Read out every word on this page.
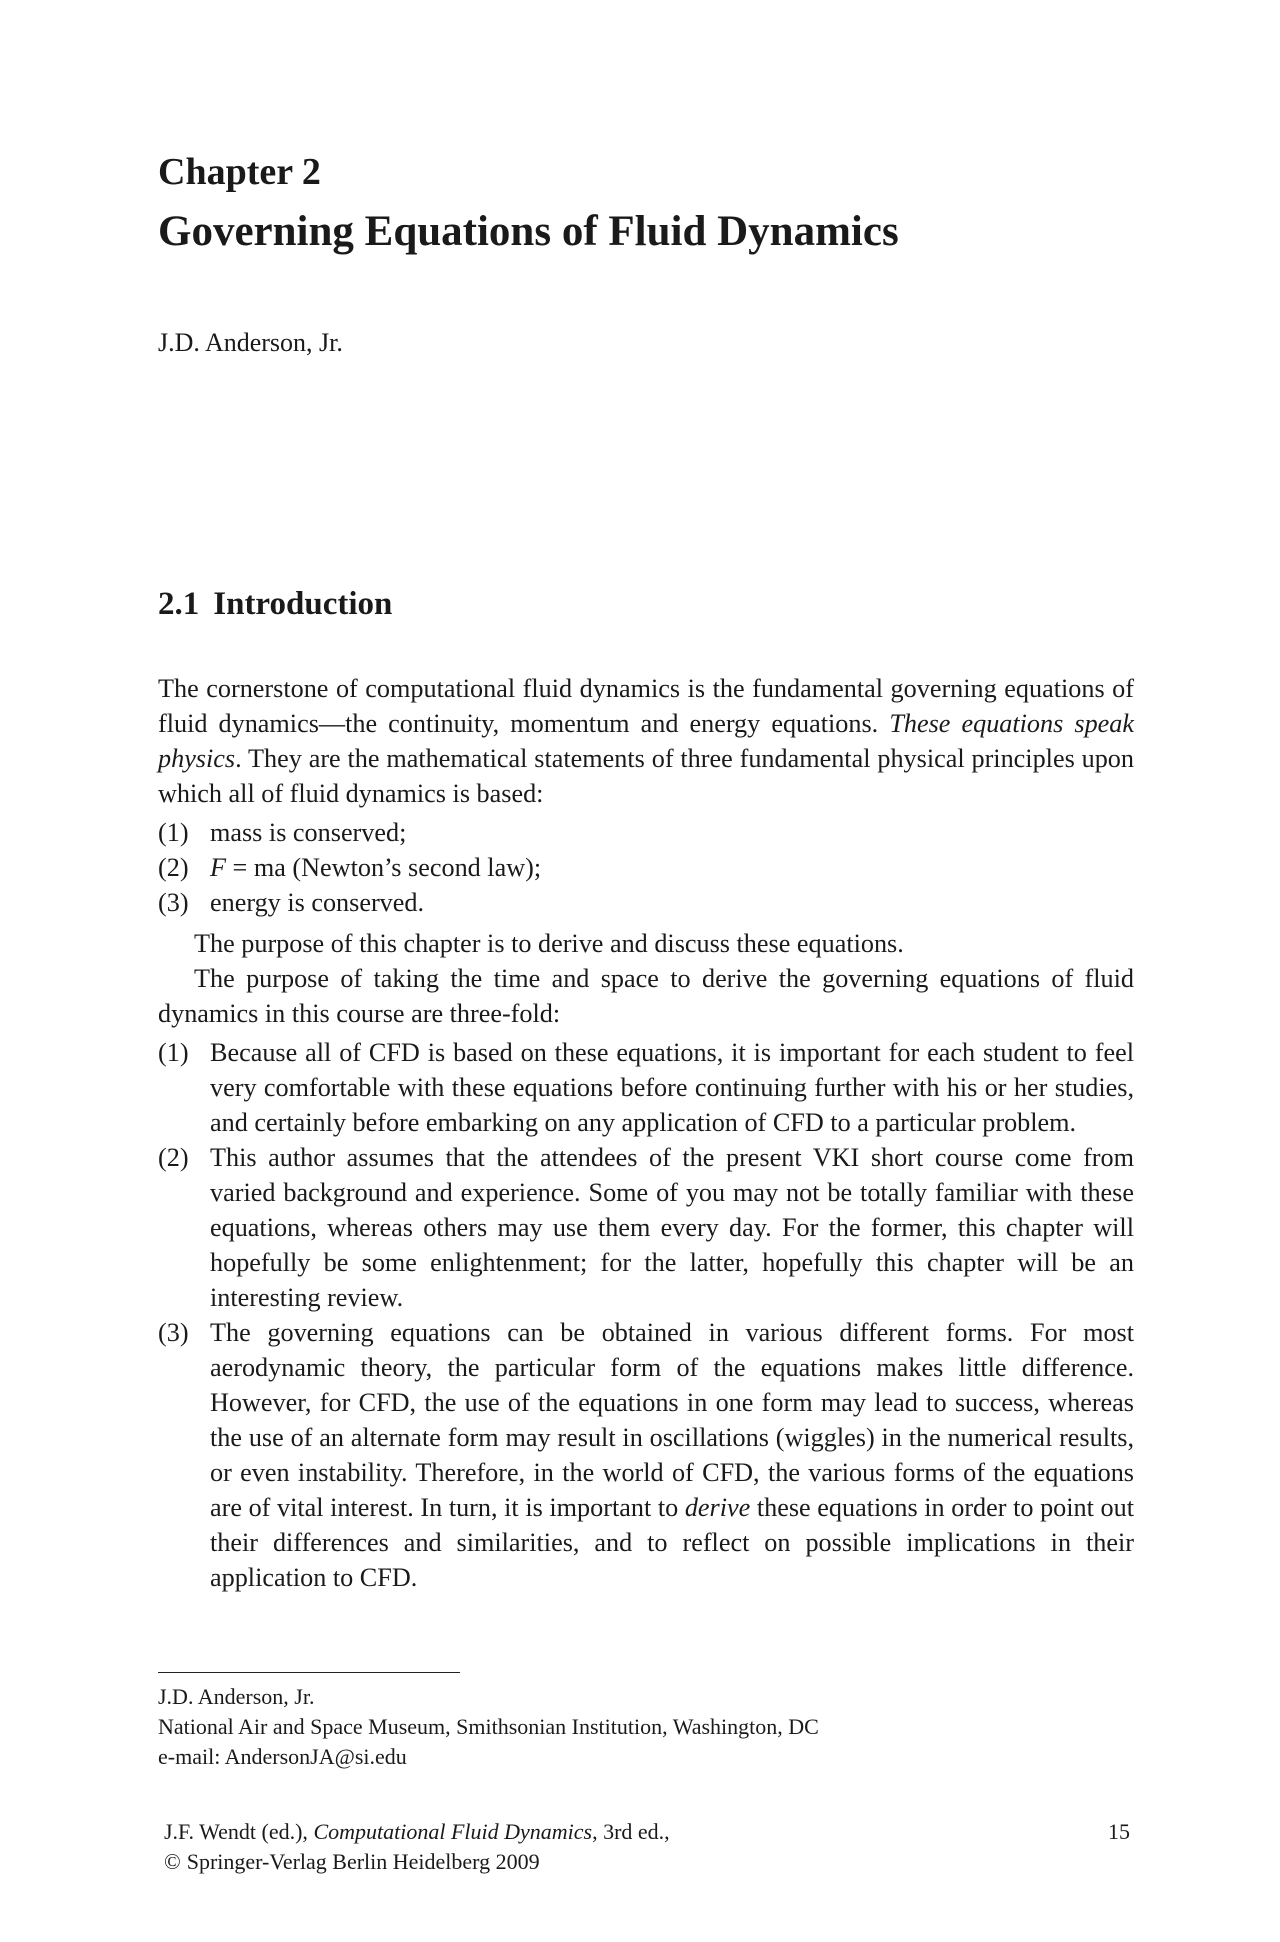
Chapter 2
Governing Equations of Fluid Dynamics
J.D. Anderson, Jr.
2.1 Introduction

The cornerstone of computational fluid dynamics is the fundamental governing equations of fluid dynamics—the continuity, momentum and energy equations. These equations speak physics. They are the mathematical statements of three fundamental physical principles upon which all of fluid dynamics is based:

(1) mass is conserved;
(2) F = ma (Newton’s second law);
(3) energy is conserved.

The purpose of this chapter is to derive and discuss these equations.

The purpose of taking the time and space to derive the governing equations of fluid dynamics in this course are three-fold:

(1) Because all of CFD is based on these equations, it is important for each student to feel very comfortable with these equations before continuing further with his or her studies, and certainly before embarking on any application of CFD to a particular problem.
(2) This author assumes that the attendees of the present VKI short course come from varied background and experience. Some of you may not be totally familiar with these equations, whereas others may use them every day. For the former, this chapter will hopefully be some enlightenment; for the latter, hopefully this chapter will be an interesting review.
(3) The governing equations can be obtained in various different forms. For most aerodynamic theory, the particular form of the equations makes little difference. However, for CFD, the use of the equations in one form may lead to success, whereas the use of an alternate form may result in oscillations (wiggles) in the numerical results, or even instability. Therefore, in the world of CFD, the various forms of the equations are of vital interest. In turn, it is important to derive these equations in order to point out their differences and similarities, and to reflect on possible implications in their application to CFD.
J.D. Anderson, Jr.
National Air and Space Museum, Smithsonian Institution, Washington, DC
e-mail: AndersonJA@si.edu
J.F. Wendt (ed.), Computational Fluid Dynamics, 3rd ed.,
© Springer-Verlag Berlin Heidelberg 2009
15
